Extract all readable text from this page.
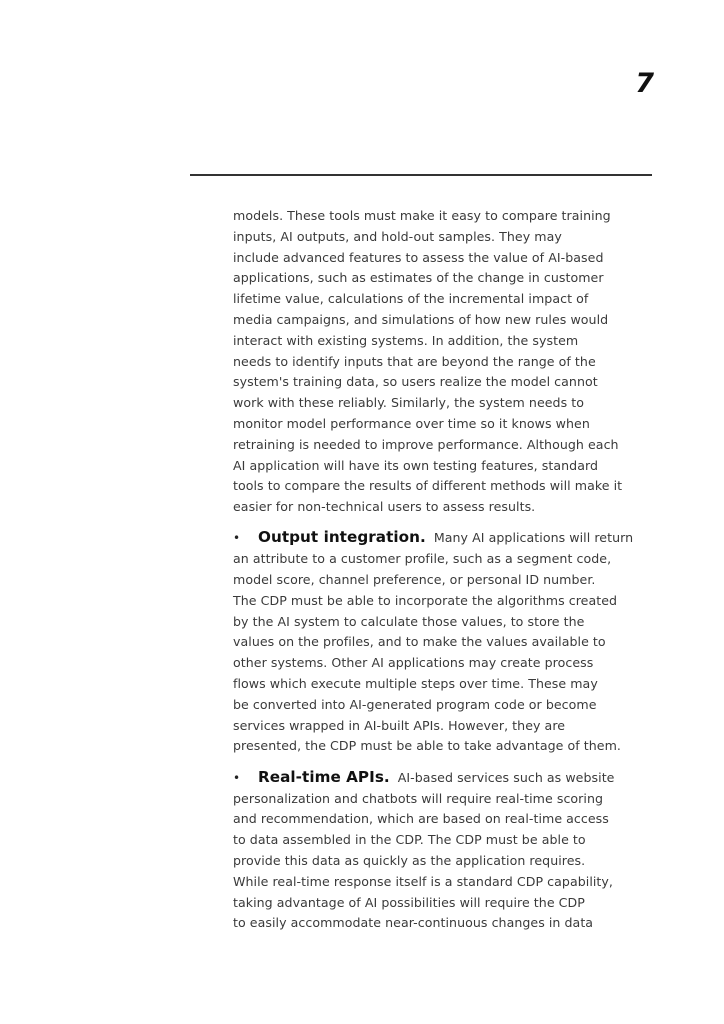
7

models. These tools must make it easy to compare training
inputs, AI outputs, and hold-out samples. They may
include advanced features to assess the value of AI-based
applications, such as estimates of the change in customer
lifetime value, calculations of the incremental impact of
media campaigns, and simulations of how new rules would
interact with existing systems. In addition, the system
needs to identify inputs that are beyond the range of the
system's training data, so users realize the model cannot
work with these reliably. Similarly, the system needs to
monitor model performance over time so it knows when
retraining is needed to improve performance. Although each
AI application will have its own testing features, standard
tools to compare the results of different methods will make it
easier for non-technical users to assess results.

• Output integration. Many AI applications will return
an attribute to a customer profile, such as a segment code,
model score, channel preference, or personal ID number.
The CDP must be able to incorporate the algorithms created
by the AI system to calculate those values, to store the
values on the profiles, and to make the values available to
other systems. Other AI applications may create process
flows which execute multiple steps over time. These may
be converted into AI-generated program code or become
services wrapped in AI-built APIs. However, they are
presented, the CDP must be able to take advantage of them.

• Real-time APIs. AI-based services such as website
personalization and chatbots will require real-time scoring
and recommendation, which are based on real-time access
to data assembled in the CDP. The CDP must be able to
provide this data as quickly as the application requires.
While real-time response itself is a standard CDP capability,
taking advantage of AI possibilities will require the CDP
to easily accommodate near-continuous changes in data
